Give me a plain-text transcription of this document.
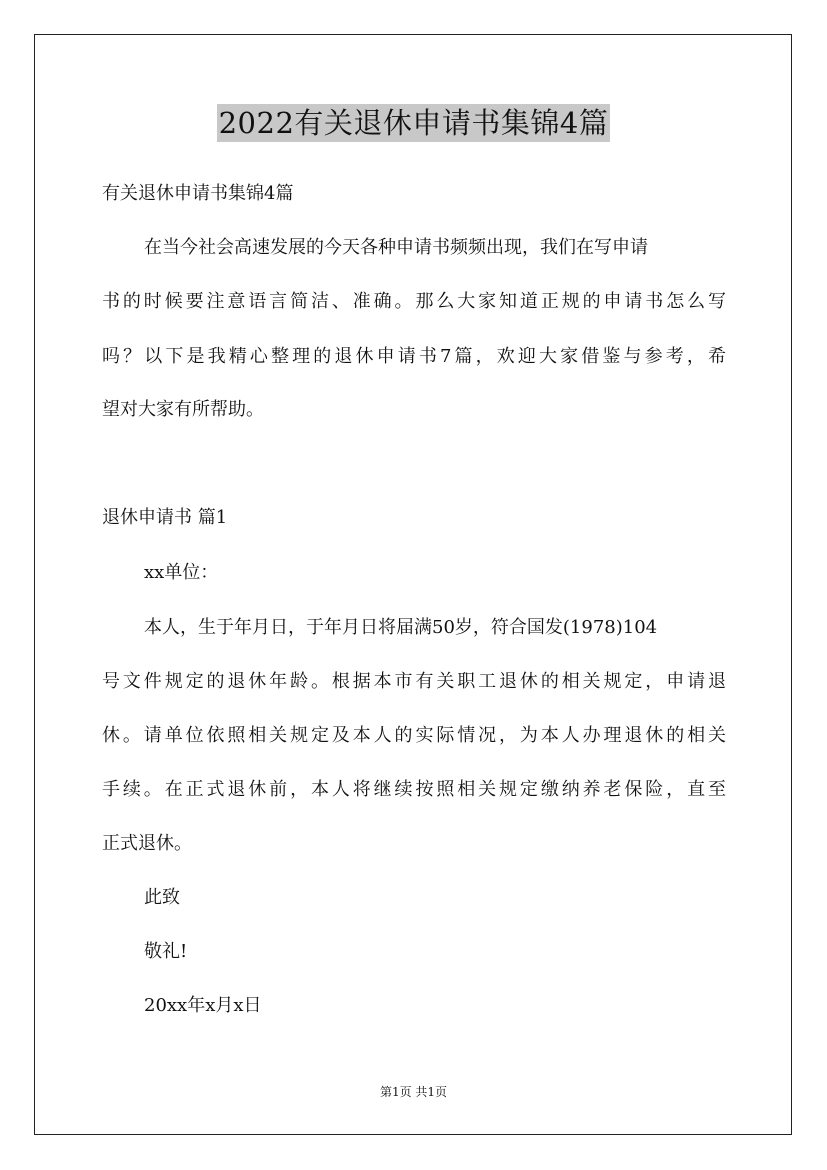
2022有关退休申请书集锦4篇
有关退休申请书集锦4篇
在当今社会高速发展的今天各种申请书频频出现，我们在写申请
书的时候要注意语言简洁、准确。那么大家知道正规的申请书怎么写
吗？以下是我精心整理的退休申请书7篇，欢迎大家借鉴与参考，希
望对大家有所帮助。
退休申请书 篇1
xx单位：
本人，生于年月日，于年月日将届满50岁，符合国发(1978)104
号文件规定的退休年龄。根据本市有关职工退休的相关规定，申请退
休。请单位依照相关规定及本人的实际情况，为本人办理退休的相关
手续。在正式退休前，本人将继续按照相关规定缴纳养老保险，直至
正式退休。
此致
敬礼!
20xx年x月x日
第1页 共1页
